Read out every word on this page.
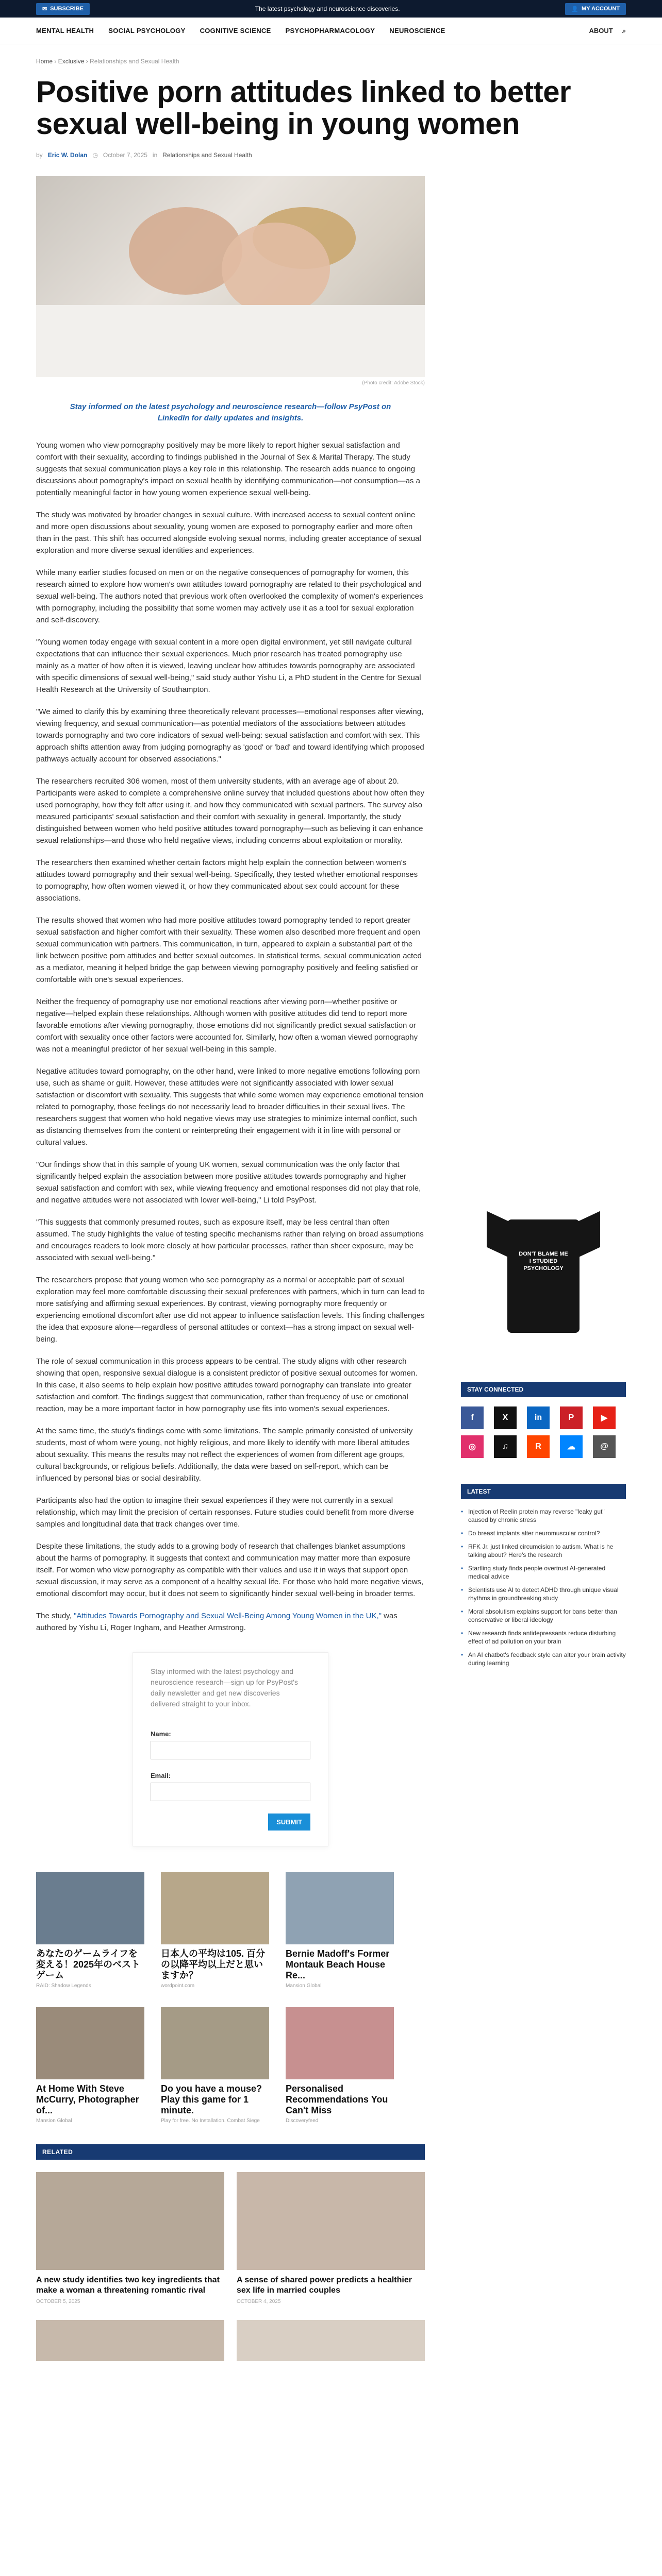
✉ SUBSCRIBE	The latest psychology and neuroscience discoveries.	👤 MY ACCOUNT
MENTAL HEALTH	SOCIAL PSYCHOLOGY	COGNITIVE SCIENCE	PSYCHOPHARMACOLOGY	NEUROSCIENCE	ABOUT ⌕
Home › Exclusive › Relationships and Sexual Health
Positive porn attitudes linked to better sexual well-being in young women
by Eric W. Dolan ◷ October 7, 2025 in Relationships and Sexual Health
(Photo credit: Adobe Stock)
Stay informed on the latest psychology and neuroscience research—follow PsyPost on LinkedIn for daily updates and insights.

Young women who view pornography positively may be more likely to report higher sexual satisfaction and comfort with their sexuality, according to findings published in the Journal of Sex & Marital Therapy. The study suggests that sexual communication plays a key role in this relationship. The research adds nuance to ongoing discussions about pornography's impact on sexual health by identifying communication—not consumption—as a potentially meaningful factor in how young women experience sexual well-being.

The study was motivated by broader changes in sexual culture. With increased access to sexual content online and more open discussions about sexuality, young women are exposed to pornography earlier and more often than in the past. This shift has occurred alongside evolving sexual norms, including greater acceptance of sexual exploration and more diverse sexual identities and experiences.

While many earlier studies focused on men or on the negative consequences of pornography for women, this research aimed to explore how women's own attitudes toward pornography are related to their psychological and sexual well-being. The authors noted that previous work often overlooked the complexity of women's experiences with pornography, including the possibility that some women may actively use it as a tool for sexual exploration and self-discovery.

"Young women today engage with sexual content in a more open digital environment, yet still navigate cultural expectations that can influence their sexual experiences. Much prior research has treated pornography use mainly as a matter of how often it is viewed, leaving unclear how attitudes towards pornography are associated with specific dimensions of sexual well-being," said study author Yishu Li, a PhD student in the Centre for Sexual Health Research at the University of Southampton.

"We aimed to clarify this by examining three theoretically relevant processes—emotional responses after viewing, viewing frequency, and sexual communication—as potential mediators of the associations between attitudes towards pornography and two core indicators of sexual well-being: sexual satisfaction and comfort with sex. This approach shifts attention away from judging pornography as 'good' or 'bad' and toward identifying which proposed pathways actually account for observed associations."

The researchers recruited 306 women, most of them university students, with an average age of about 20. Participants were asked to complete a comprehensive online survey that included questions about how often they used pornography, how they felt after using it, and how they communicated with sexual partners. The survey also measured participants' sexual satisfaction and their comfort with sexuality in general. Importantly, the study distinguished between women who held positive attitudes toward pornography—such as believing it can enhance sexual relationships—and those who held negative views, including concerns about exploitation or morality.

The researchers then examined whether certain factors might help explain the connection between women's attitudes toward pornography and their sexual well-being. Specifically, they tested whether emotional responses to pornography, how often women viewed it, or how they communicated about sex could account for these associations.

The results showed that women who had more positive attitudes toward pornography tended to report greater sexual satisfaction and higher comfort with their sexuality. These women also described more frequent and open sexual communication with partners. This communication, in turn, appeared to explain a substantial part of the link between positive porn attitudes and better sexual outcomes. In statistical terms, sexual communication acted as a mediator, meaning it helped bridge the gap between viewing pornography positively and feeling satisfied or comfortable with one's sexual experiences.

Neither the frequency of pornography use nor emotional reactions after viewing porn—whether positive or negative—helped explain these relationships. Although women with positive attitudes did tend to report more favorable emotions after viewing pornography, those emotions did not significantly predict sexual satisfaction or comfort with sexuality once other factors were accounted for. Similarly, how often a woman viewed pornography was not a meaningful predictor of her sexual well-being in this sample.

Negative attitudes toward pornography, on the other hand, were linked to more negative emotions following porn use, such as shame or guilt. However, these attitudes were not significantly associated with lower sexual satisfaction or discomfort with sexuality. This suggests that while some women may experience emotional tension related to pornography, those feelings do not necessarily lead to broader difficulties in their sexual lives. The researchers suggest that women who hold negative views may use strategies to minimize internal conflict, such as distancing themselves from the content or reinterpreting their engagement with it in line with personal or cultural values.

"Our findings show that in this sample of young UK women, sexual communication was the only factor that significantly helped explain the association between more positive attitudes towards pornography and higher sexual satisfaction and comfort with sex, while viewing frequency and emotional responses did not play that role, and negative attitudes were not associated with lower well-being," Li told PsyPost.

"This suggests that commonly presumed routes, such as exposure itself, may be less central than often assumed. The study highlights the value of testing specific mechanisms rather than relying on broad assumptions and encourages readers to look more closely at how particular processes, rather than sheer exposure, may be associated with sexual well-being."

The researchers propose that young women who see pornography as a normal or acceptable part of sexual exploration may feel more comfortable discussing their sexual preferences with partners, which in turn can lead to more satisfying and affirming sexual experiences. By contrast, viewing pornography more frequently or experiencing emotional discomfort after use did not appear to influence satisfaction levels. This finding challenges the idea that exposure alone—regardless of personal attitudes or context—has a strong impact on sexual well-being.

The role of sexual communication in this process appears to be central. The study aligns with other research showing that open, responsive sexual dialogue is a consistent predictor of positive sexual outcomes for women. In this case, it also seems to help explain how positive attitudes toward pornography can translate into greater satisfaction and comfort. The findings suggest that communication, rather than frequency of use or emotional reaction, may be a more important factor in how pornography use fits into women's sexual experiences.

At the same time, the study's findings come with some limitations. The sample primarily consisted of university students, most of whom were young, not highly religious, and more likely to identify with more liberal attitudes about sexuality. This means the results may not reflect the experiences of women from different age groups, cultural backgrounds, or religious beliefs. Additionally, the data were based on self-report, which can be influenced by personal bias or social desirability.

Participants also had the option to imagine their sexual experiences if they were not currently in a sexual relationship, which may limit the precision of certain responses. Future studies could benefit from more diverse samples and longitudinal data that track changes over time.

Despite these limitations, the study adds to a growing body of research that challenges blanket assumptions about the harms of pornography. It suggests that context and communication may matter more than exposure itself. For women who view pornography as compatible with their values and use it in ways that support open sexual discussion, it may serve as a component of a healthy sexual life. For those who hold more negative views, emotional discomfort may occur, but it does not seem to significantly hinder sexual well-being in broader terms.

The study, "Attitudes Towards Pornography and Sexual Well-Being Among Young Women in the UK," was authored by Yishu Li, Roger Ingham, and Heather Armstrong.

Stay informed with the latest psychology and neuroscience research—sign up for PsyPost's daily newsletter and get new discoveries delivered straight to your inbox.
Name:
Email:
SUBMIT
あなたのゲームライフを変える！2025年のベストゲーム
RAID: Shadow Legends
日本人の平均は105. 百分の以降平均以上だと思いますか？
wordpoint.com
Bernie Madoff's Former Montauk Beach House Re...
Mansion Global
At Home With Steve McCurry, Photographer of...
Mansion Global
Do you have a mouse? Play this game for 1 minute.
Play for free. No Installation. Combat Siege
Personalised Recommendations You Can't Miss
Discoveryfeed
RELATED
A new study identifies two key ingredients that make a woman a threatening romantic rival
OCTOBER 5, 2025
A sense of shared power predicts a healthier sex life in married couples
OCTOBER 4, 2025
DON'T BLAME ME I STUDIED PSYCHOLOGY
STAY CONNECTED
f	X	in	P	▶
◎	♫	R	☁	@
LATEST
• Injection of Reelin protein may reverse "leaky gut" caused by chronic stress
• Do breast implants alter neuromuscular control?
• RFK Jr. just linked circumcision to autism. What is he talking about? Here's the research
• Startling study finds people overtrust AI-generated medical advice
• Scientists use AI to detect ADHD through unique visual rhythms in groundbreaking study
• Moral absolutism explains support for bans better than conservative or liberal ideology
• New research finds antidepressants reduce disturbing effect of ad pollution on your brain
• An AI chatbot's feedback style can alter your brain activity during learning
